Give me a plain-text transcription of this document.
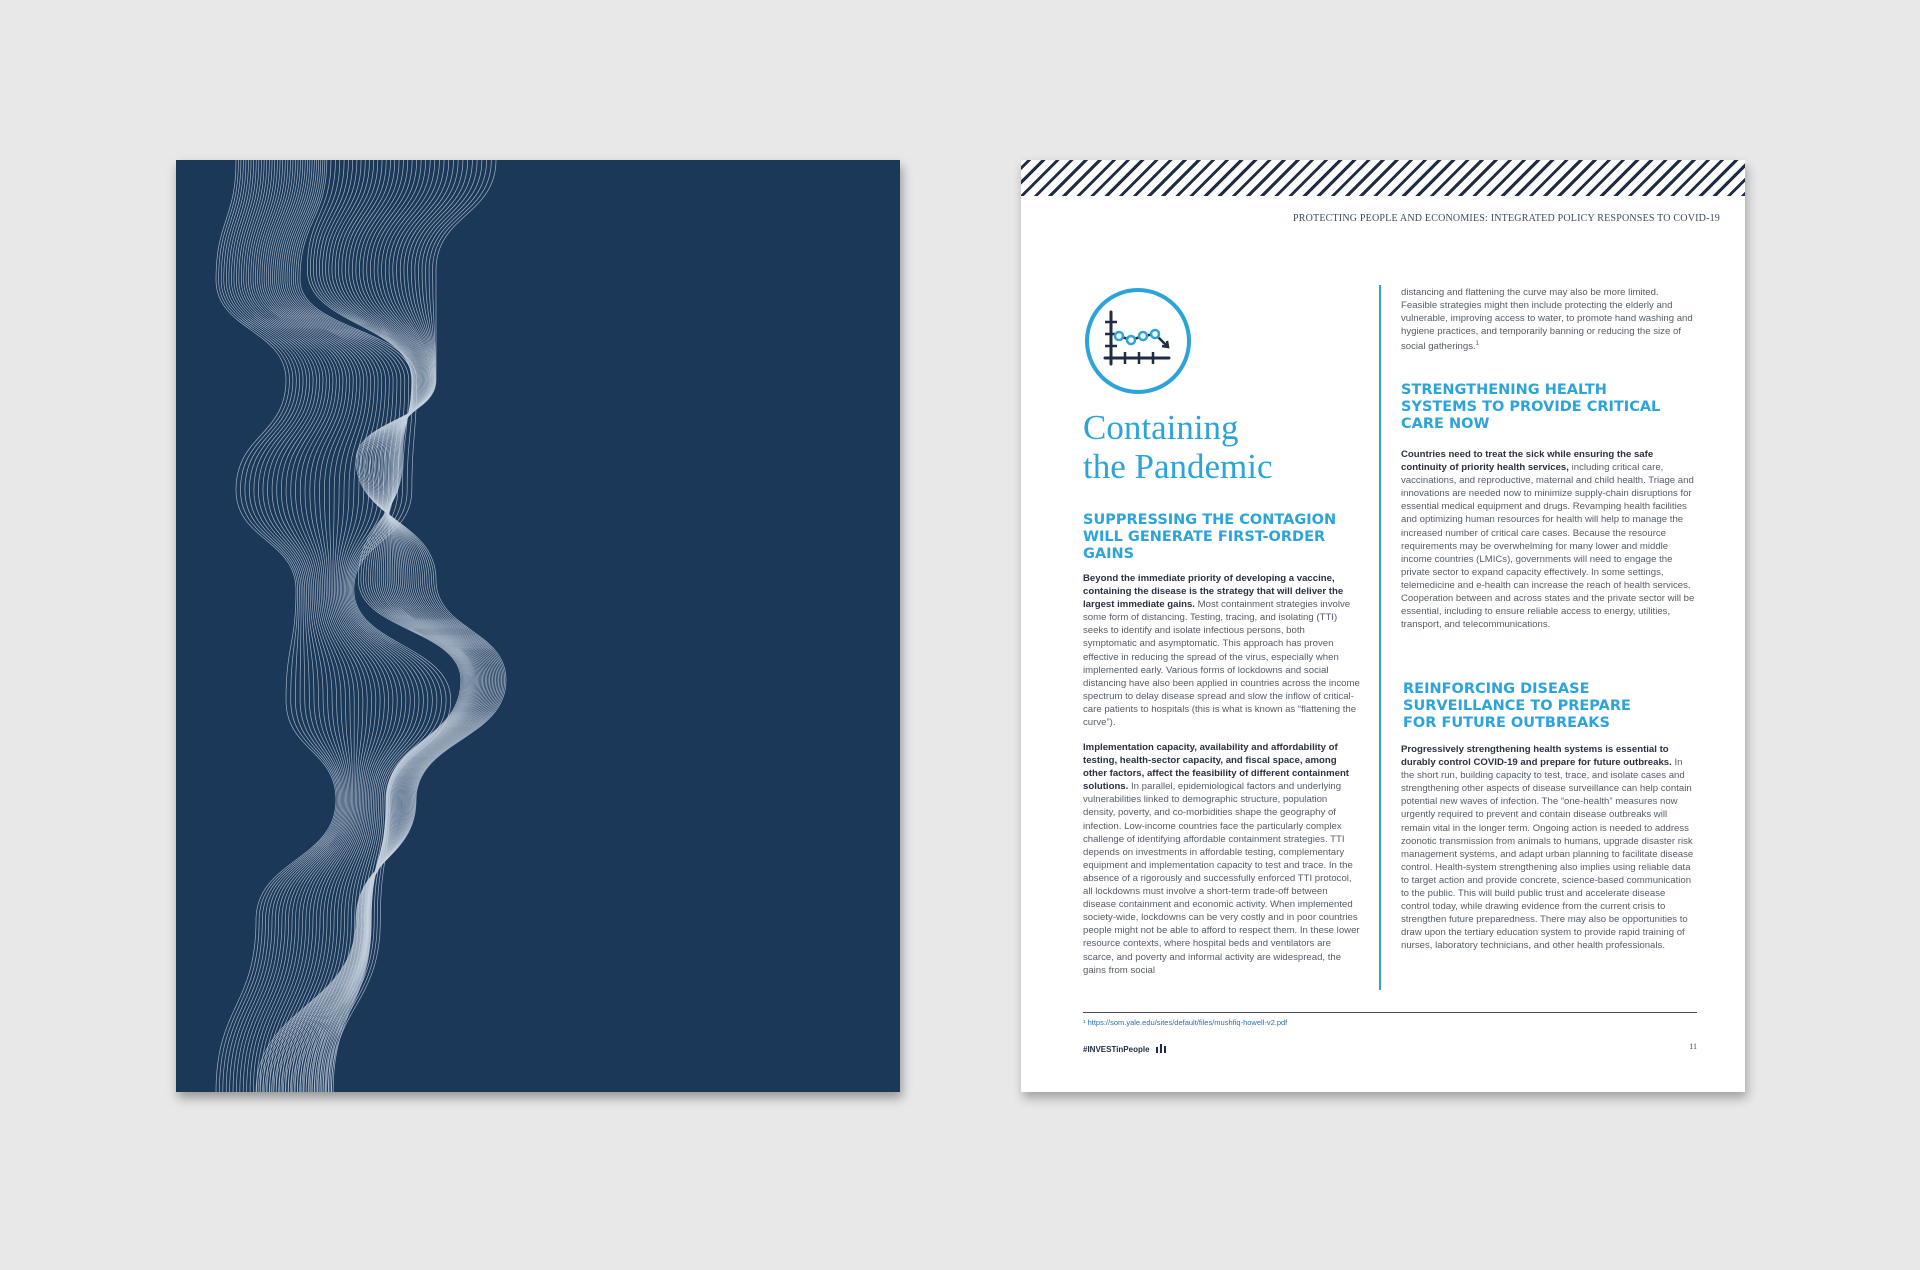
PROTECTING PEOPLE AND ECONOMIES: INTEGRATED POLICY RESPONSES TO COVID-19
Containing
the Pandemic
SUPPRESSING THE CONTAGION WILL GENERATE FIRST-ORDER GAINS

Beyond the immediate priority of developing a vaccine, containing the disease is the strategy that will deliver the largest immediate gains. Most containment strategies involve some form of distancing. Testing, tracing, and isolating (TTI) seeks to identify and isolate infectious persons, both symptomatic and asymptomatic. This approach has proven effective in reducing the spread of the virus, especially when implemented early. Various forms of lockdowns and social distancing have also been applied in countries across the income spectrum to delay disease spread and slow the inflow of critical-care patients to hospitals (this is what is known as “flattening the curve”).

Implementation capacity, availability and affordability of testing, health-sector capacity, and fiscal space, among other factors, affect the feasibility of different containment solutions. In parallel, epidemiological factors and underlying vulnerabilities linked to demographic structure, population density, poverty, and co-morbidities shape the geography of infection. Low-income countries face the particularly complex challenge of identifying affordable containment strategies. TTI depends on investments in affordable testing, complementary equipment and implementation capacity to test and trace. In the absence of a rigorously and successfully enforced TTI protocol, all lockdowns must involve a short-term trade-off between disease containment and economic activity. When implemented society-wide, lockdowns can be very costly and in poor countries people might not be able to afford to respect them. In these lower resource contexts, where hospital beds and ventilators are scarce, and poverty and informal activity are widespread, the gains from social

distancing and flattening the curve may also be more limited. Feasible strategies might then include protecting the elderly and vulnerable, improving access to water, to promote hand washing and hygiene practices, and temporarily banning or reducing the size of social gatherings.$^1$

STRENGTHENING HEALTH SYSTEMS TO PROVIDE CRITICAL CARE NOW

Countries need to treat the sick while ensuring the safe continuity of priority health services, including critical care, vaccinations, and reproductive, maternal and child health. Triage and innovations are needed now to minimize supply-chain disruptions for essential medical equipment and drugs. Revamping health facilities and optimizing human resources for health will help to manage the increased number of critical care cases. Because the resource requirements may be overwhelming for many lower and middle income countries (LMICs), governments will need to engage the private sector to expand capacity effectively. In some settings, telemedicine and e-health can increase the reach of health services. Cooperation between and across states and the private sector will be essential, including to ensure reliable access to energy, utilities, transport, and telecommunications.

REINFORCING DISEASE SURVEILLANCE TO PREPARE FOR FUTURE OUTBREAKS

Progressively strengthening health systems is essential to durably control COVID-19 and prepare for future outbreaks. In the short run, building capacity to test, trace, and isolate cases and strengthening other aspects of disease surveillance can help contain potential new waves of infection. The “one-health” measures now urgently required to prevent and contain disease outbreaks will remain vital in the longer term. Ongoing action is needed to address zoonotic transmission from animals to humans, upgrade disaster risk management systems, and adapt urban planning to facilitate disease control. Health-system strengthening also implies using reliable data to target action and provide concrete, science-based communication to the public. This will build public trust and accelerate disease control today, while drawing evidence from the current crisis to strengthen future preparedness. There may also be opportunities to draw upon the tertiary education system to provide rapid training of nurses, laboratory technicians, and other health professionals.

¹ https://som.yale.edu/sites/default/files/mushfiq-howell-v2.pdf
#INVESTinPeople	11
